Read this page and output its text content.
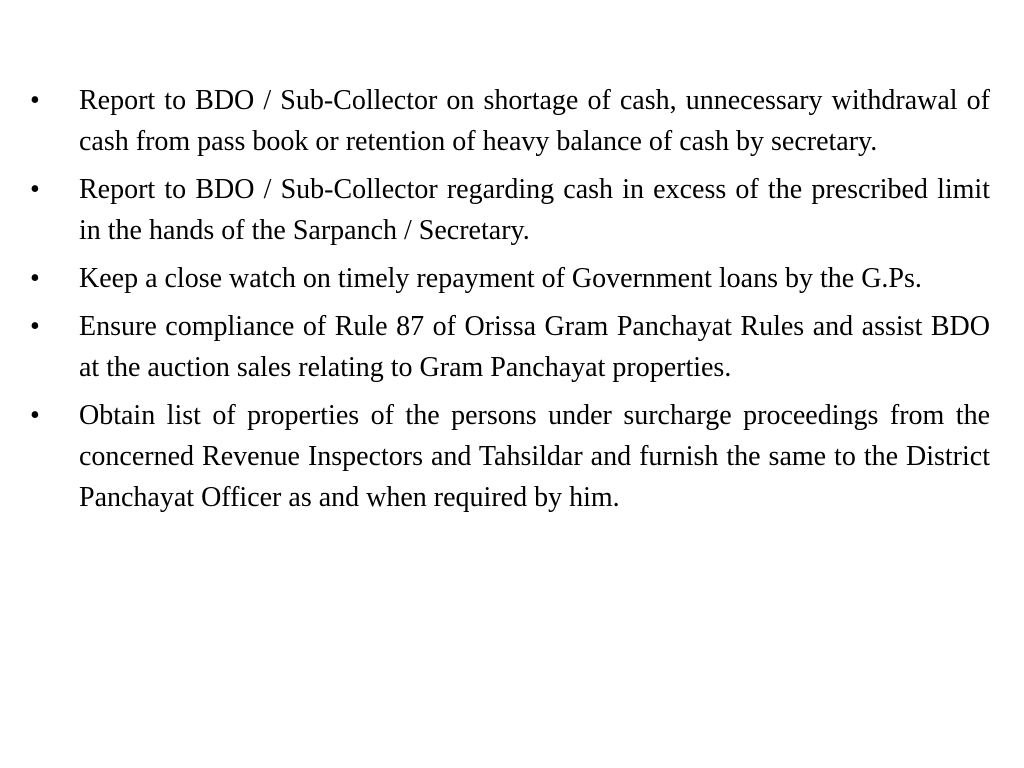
•	Report to BDO / Sub-Collector on shortage of cash, unnecessary withdrawal of cash from pass book or retention of heavy balance of cash by secretary.
•	Report to BDO / Sub-Collector regarding cash in excess of the prescribed limit in the hands of the Sarpanch / Secretary.
•	Keep a close watch on timely repayment of Government loans by the G.Ps.
•	Ensure compliance of Rule 87 of Orissa Gram Panchayat Rules and assist BDO at the auction sales relating to Gram Panchayat properties.
•	Obtain list of properties of the persons under surcharge proceedings from the concerned Revenue Inspectors and Tahsildar and furnish the same to the District Panchayat Officer as and when required by him.
